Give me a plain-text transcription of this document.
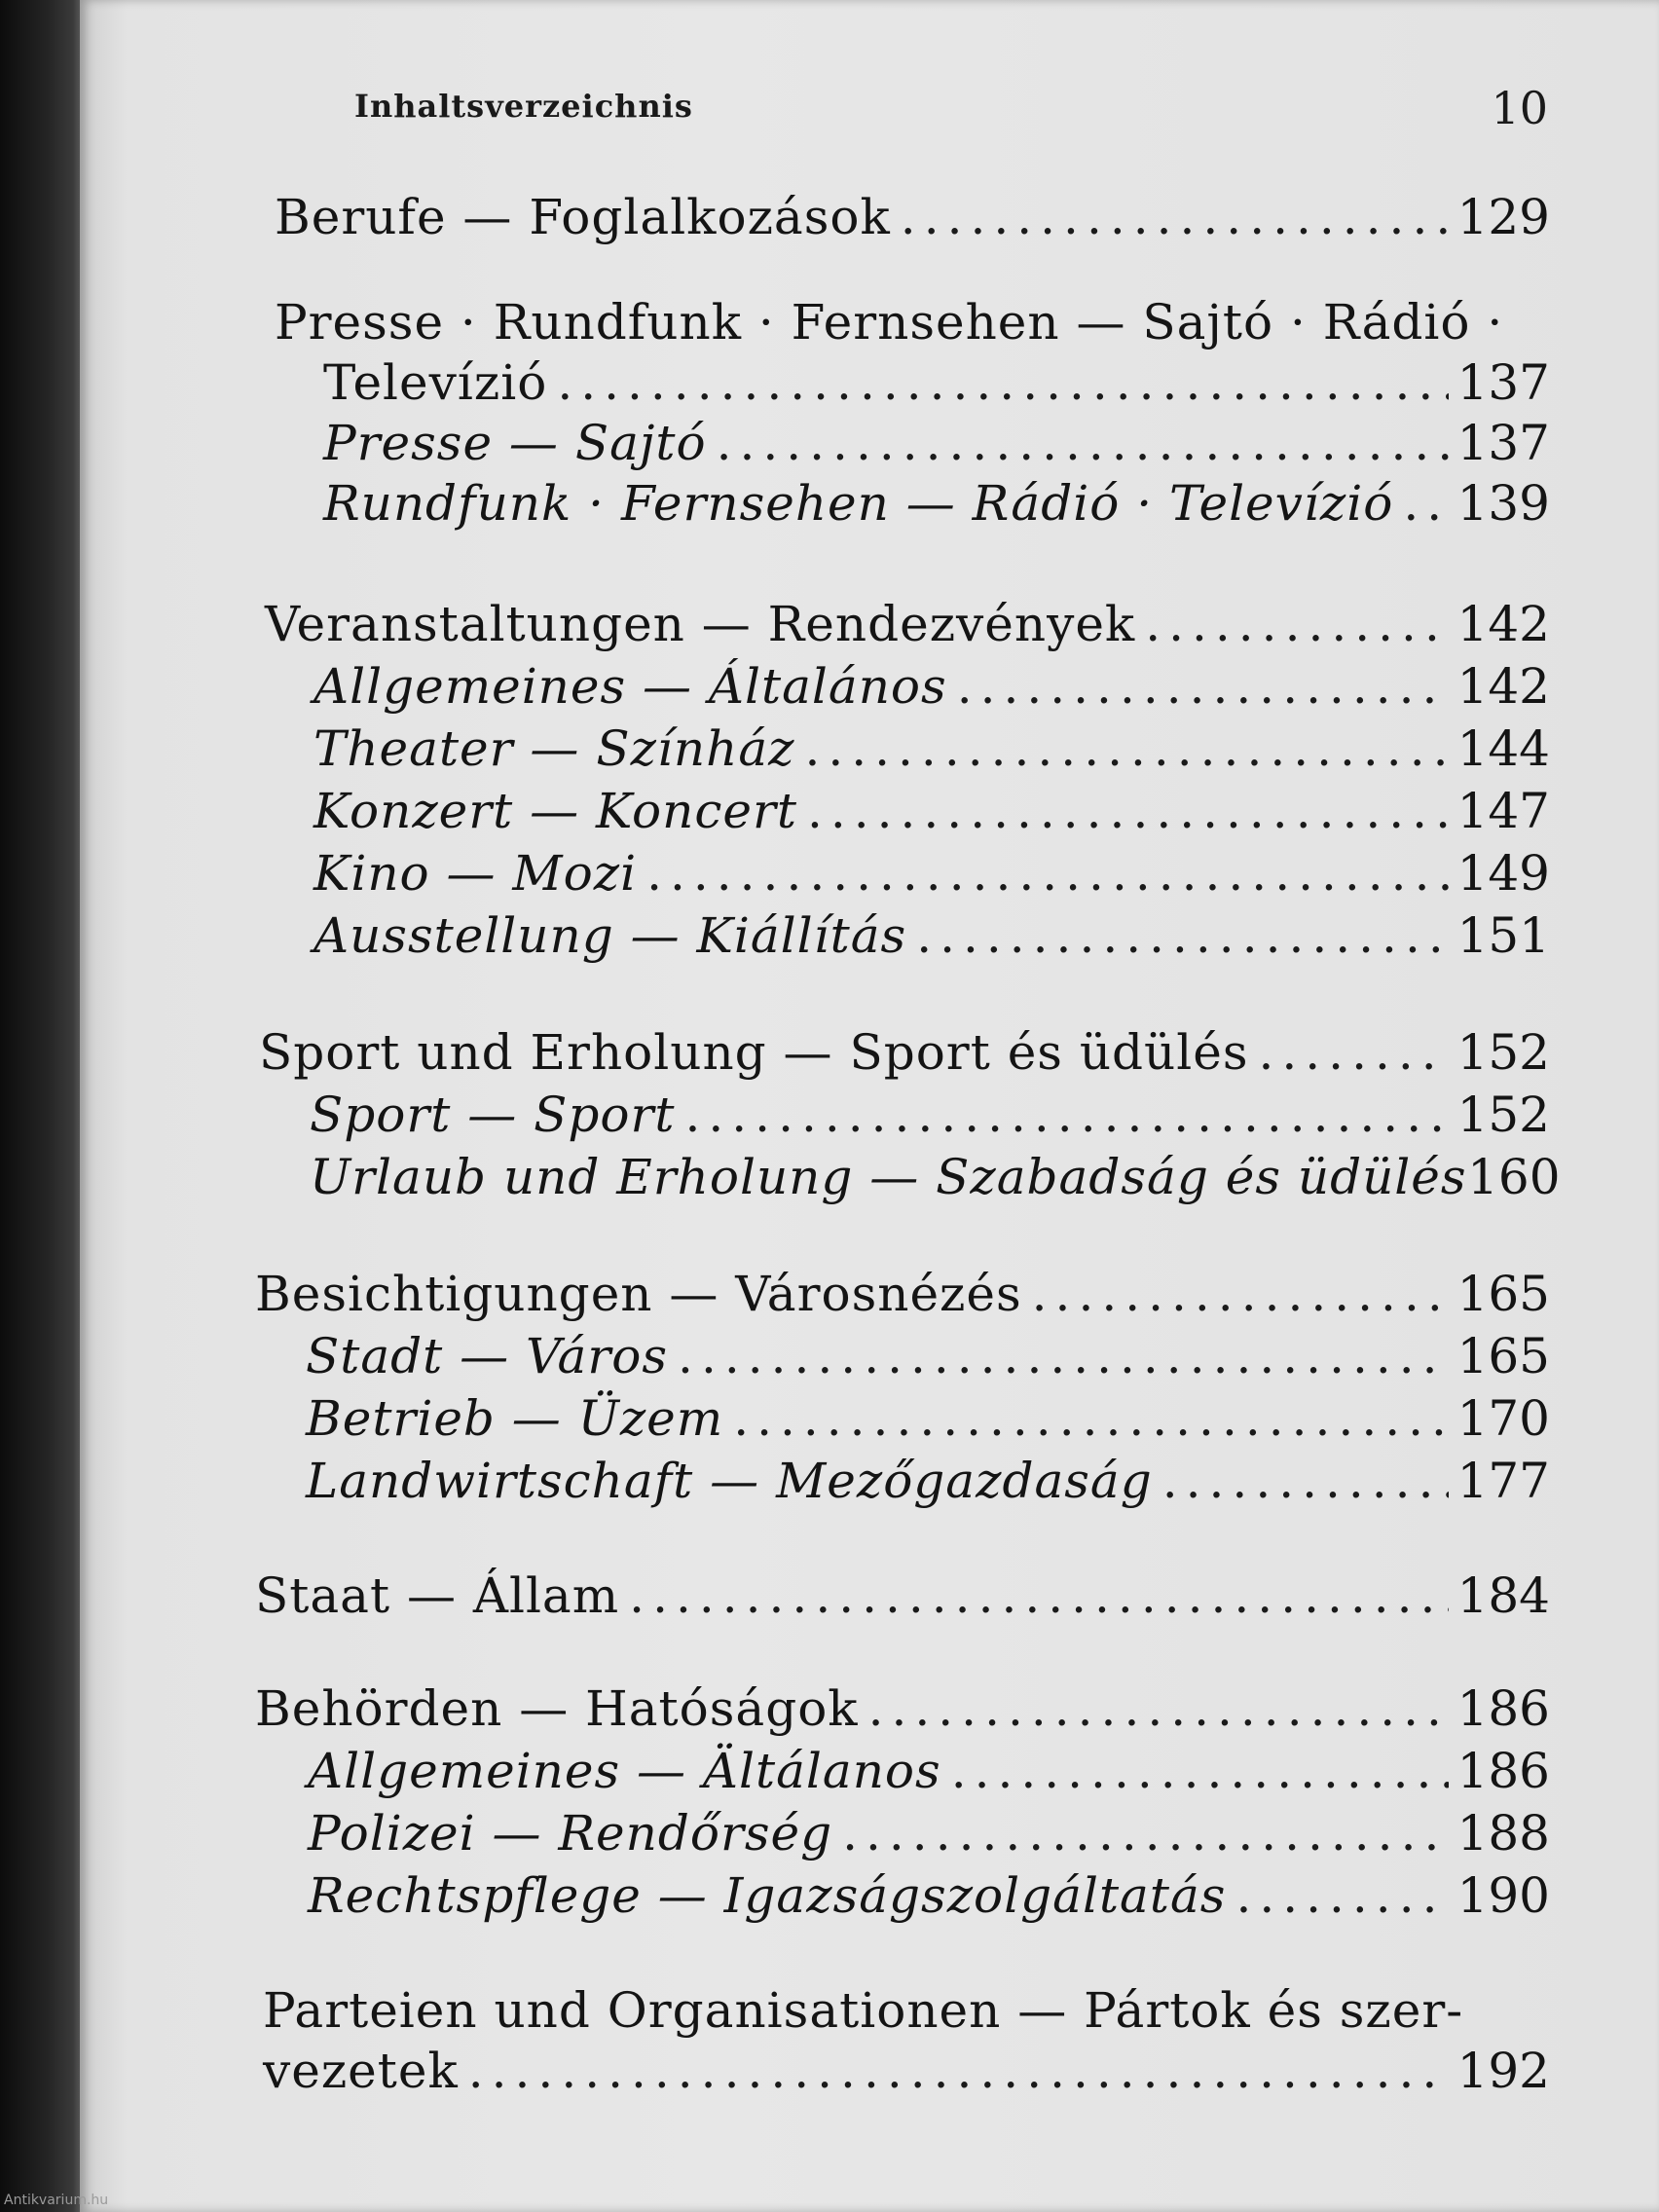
Inhaltsverzeichnis	10
Berufe — Foglalkozások .....	129
Presse · Rundfunk · Fernsehen — Sajtó · Rádió ·
Televízió .....	137
Presse — Sajtó .....	137
Rundfunk · Fernsehen — Rádió · Televízió ..... 139
Veranstaltungen — Rendezvények .....	142
Allgemeines — Általános .....	142
Theater — Színház .....	144
Konzert — Koncert .....	147
Kino — Mozi .....	149
Ausstellung — Kiállítás .....	151
Sport und Erholung — Sport és üdülés .....	152
Sport — Sport .....	152
Urlaub und Erholung — Szabadság és üdülés 160
Besichtigungen — Városnézés .....	165
Stadt — Város .....	165
Betrieb — Üzem .....	170
Landwirtschaft — Mezőgazdaság .....	177
Staat — Állam .....	184
Behörden — Hatóságok .....	186
Allgemeines — Ältálanos .....	186
Polizei — Rendőrség .....	188
Rechtspflege — Igazságszolgáltatás .....	190
Parteien und Organisationen — Pártok és szer-
vezetek .....	192
Antikvarium.hu
